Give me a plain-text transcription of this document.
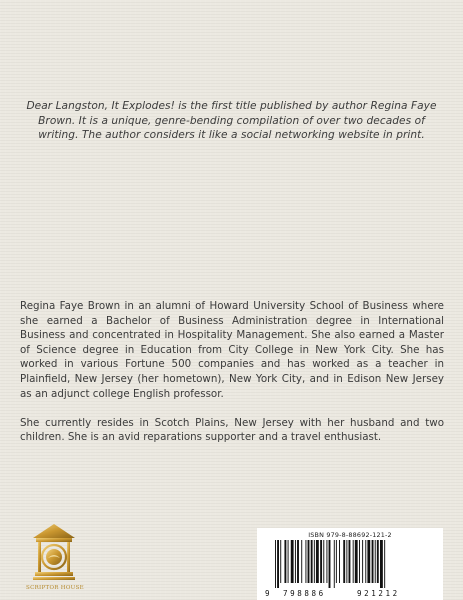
Dear Langston, It Explodes! is the first title published by author Regina Faye Brown. It is a unique, genre-bending compilation of over two decades of writing. The author considers it like a social networking website in print.

Regina Faye Brown in an alumni of Howard University School of Business where she earned a Bachelor of Business Administration degree in International Business and concentrated in Hospitality Management. She also earned a Master of Science degree in Education from City College in New York City. She has worked in various Fortune 500 companies and has worked as a teacher in Plainfield, New Jersey (her hometown), New York City, and in Edison New Jersey as an adjunct college English professor.

She currently resides in Scotch Plains, New Jersey with her husband and two children. She is an avid reparations supporter and a travel enthusiast.

SCRIPTOR HOUSE
ISBN 979-8-88692-121-2
9 798886	921212
